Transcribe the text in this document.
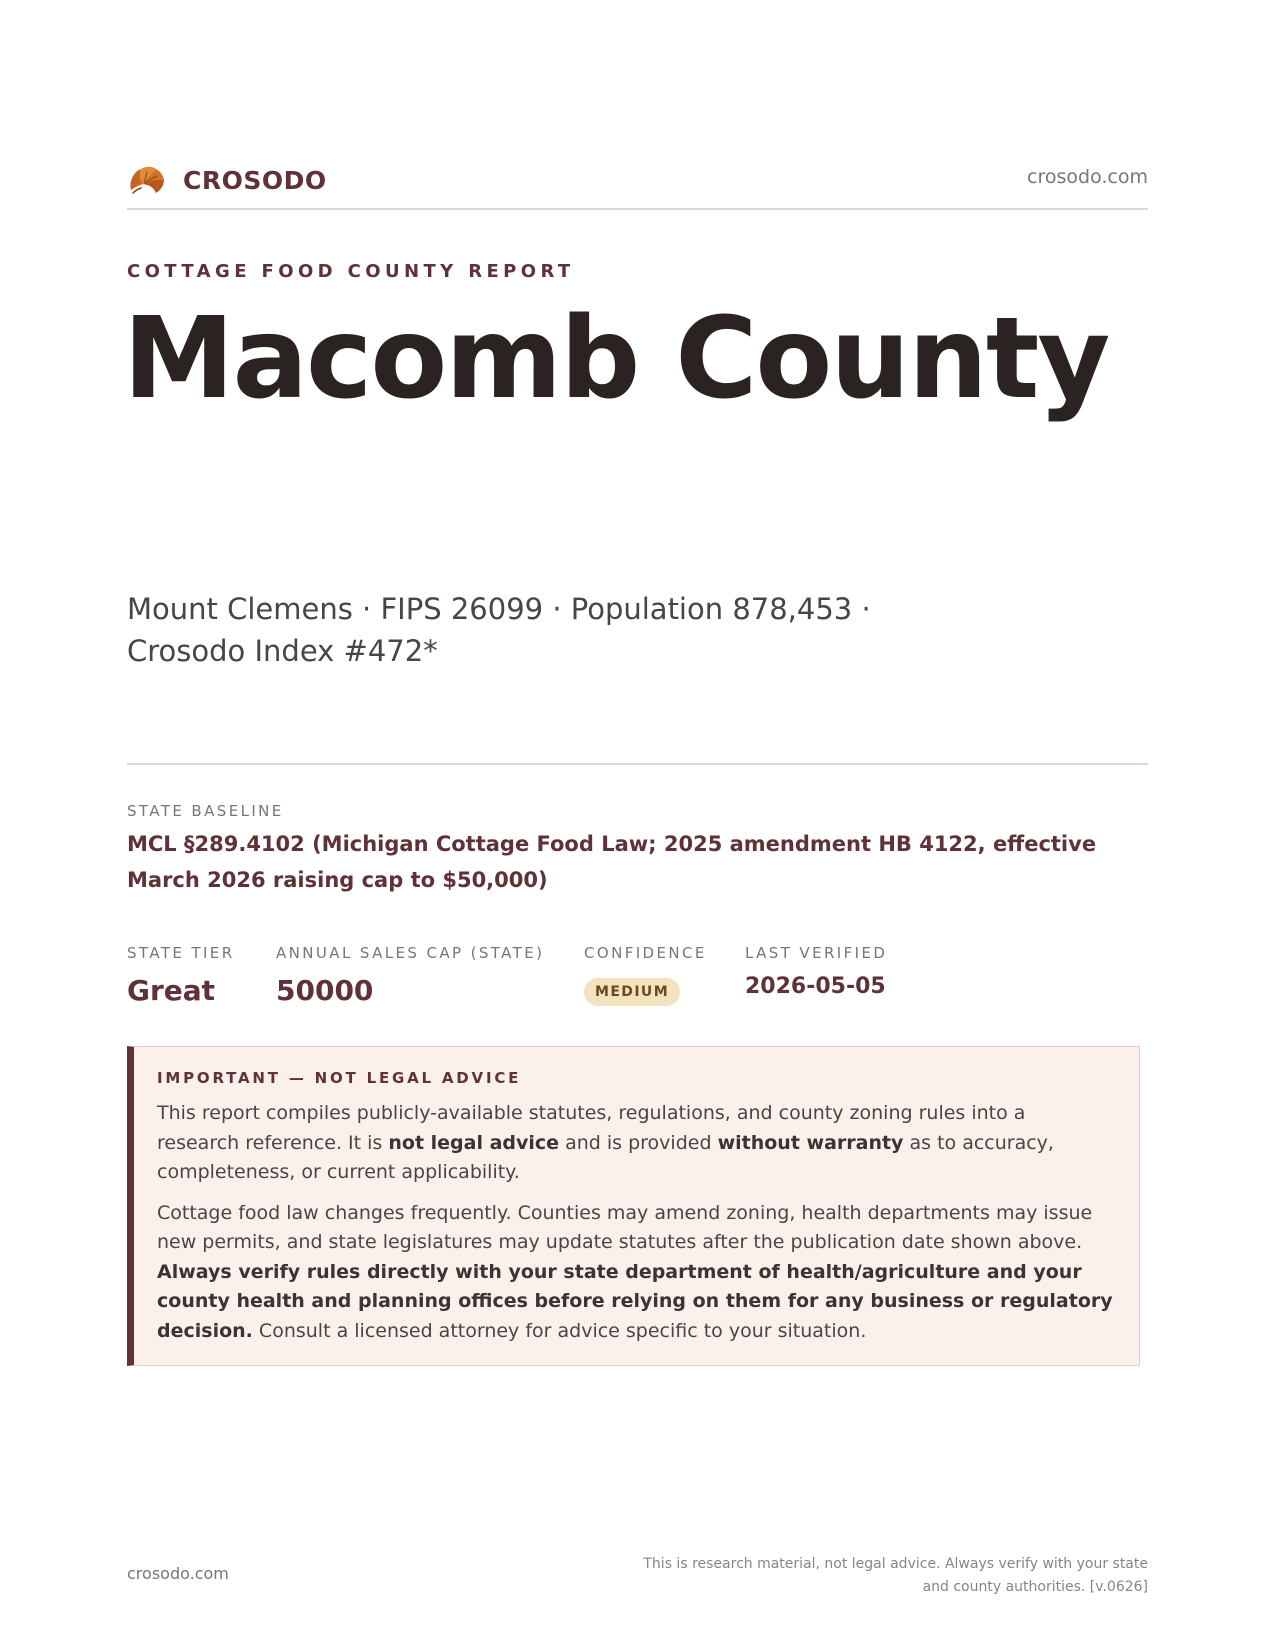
CROSODO	crosodo.com
COTTAGE FOOD COUNTY REPORT
Macomb County
Mount Clemens · FIPS 26099 · Population 878,453 ·
Crosodo Index #472*
STATE BASELINE
MCL §289.4102 (Michigan Cottage Food Law; 2025 amendment HB 4122, effective March 2026 raising cap to $50,000)
STATE TIER
Great
ANNUAL SALES CAP (STATE)
50000
CONFIDENCE
MEDIUM
LAST VERIFIED
2026-05-05
IMPORTANT — NOT LEGAL ADVICE

This report compiles publicly-available statutes, regulations, and county zoning rules into a research reference. It is not legal advice and is provided without warranty as to accuracy, completeness, or current applicability.

Cottage food law changes frequently. Counties may amend zoning, health departments may issue new permits, and state legislatures may update statutes after the publication date shown above. Always verify rules directly with your state department of health/agriculture and your county health and planning offices before relying on them for any business or regulatory decision. Consult a licensed attorney for advice specific to your situation.

crosodo.com	This is research material, not legal advice. Always verify with your state
and county authorities. [v.0626]
